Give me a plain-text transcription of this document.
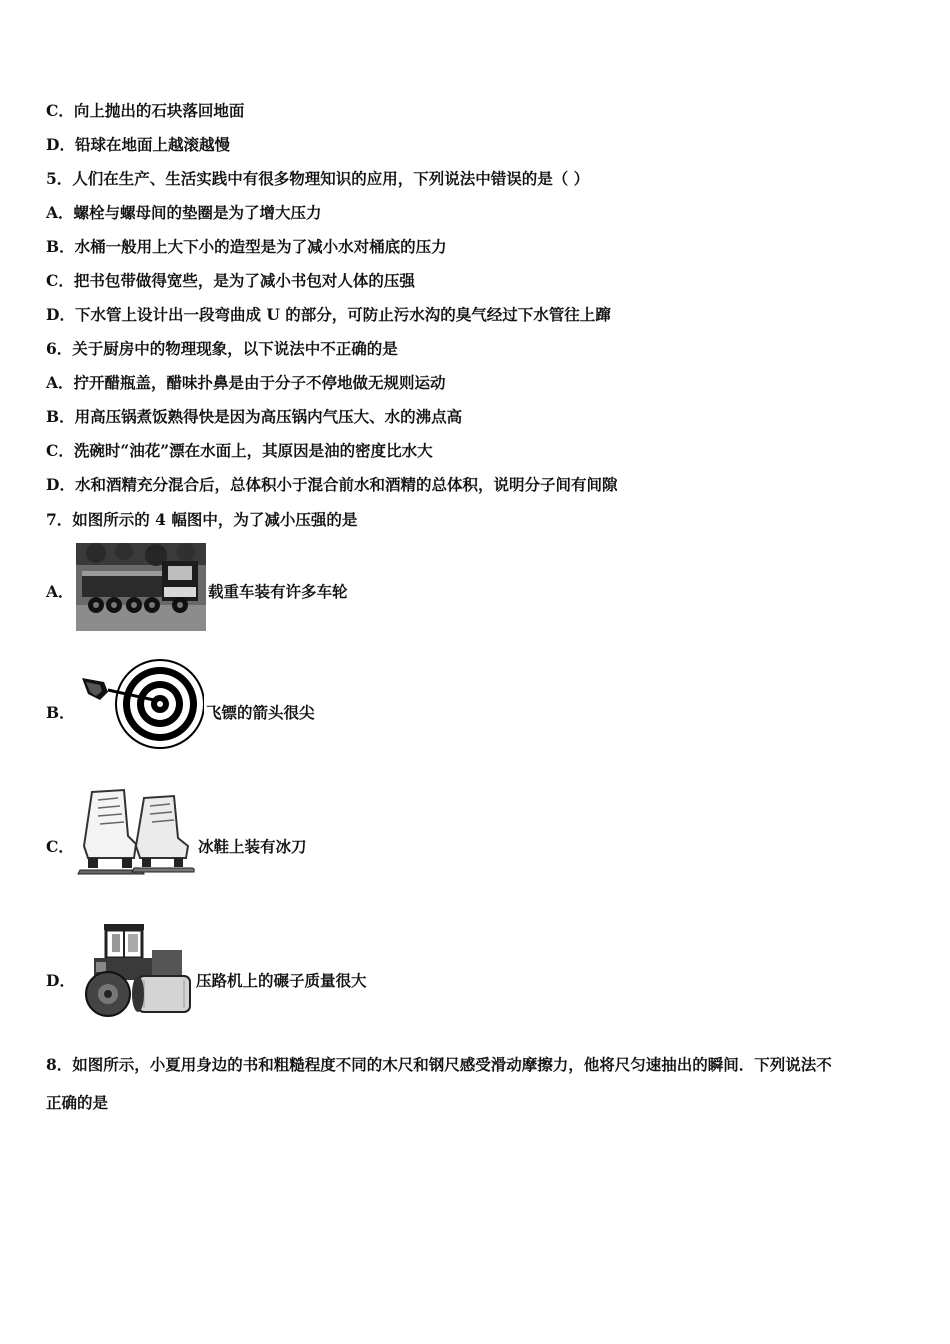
C．向上抛出的石块落回地面
D．铅球在地面上越滚越慢
5．人们在生产、生活实践中有很多物理知识的应用，下列说法中错误的是（ ）
A．螺栓与螺母间的垫圈是为了增大压力
B．水桶一般用上大下小的造型是为了减小水对桶底的压力
C．把书包带做得宽些，是为了减小书包对人体的压强
D．下水管上设计出一段弯曲成 U 的部分，可防止污水沟的臭气经过下水管往上蹿
6．关于厨房中的物理现象，以下说法中不正确的是
A．拧开醋瓶盖，醋味扑鼻是由于分子不停地做无规则运动
B．用高压锅煮饭熟得快是因为高压锅内气压大、水的沸点高
C．洗碗时“油花”漂在水面上，其原因是油的密度比水大
D．水和酒精充分混合后，总体积小于混合前水和酒精的总体积，说明分子间有间隙
7．如图所示的 4 幅图中，为了减小压强的是
A．	载重车装有许多车轮
B．	飞镖的箭头很尖
C．	冰鞋上装有冰刀
D．	压路机上的碾子质量很大
8．如图所示，小夏用身边的书和粗糙程度不同的木尺和钢尺感受滑动摩擦力，他将尺匀速抽出的瞬间．下列说法不
正确的是
